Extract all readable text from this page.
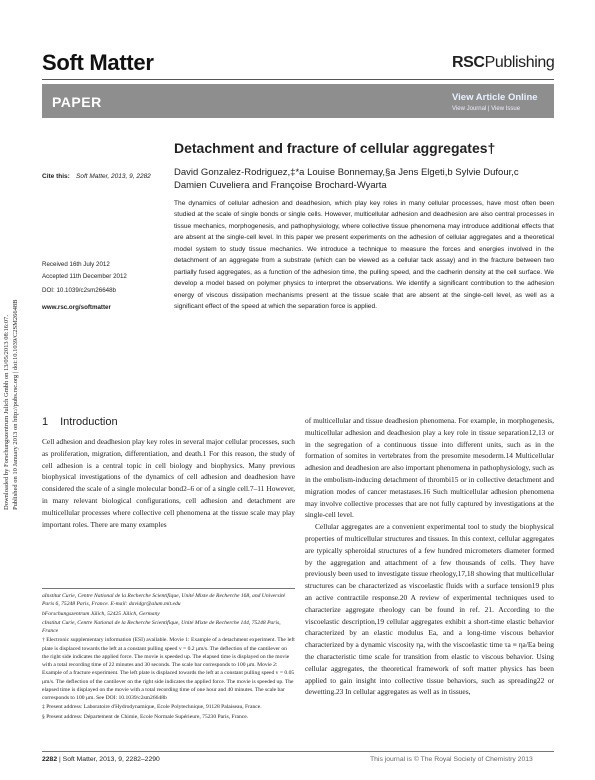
Soft Matter	RSCPublishing
PAPER	View Article Online
View Journal | View Issue
Downloaded by Forschungszentrum Julich Gmbh on 13/05/2013 08:16:07. Published on 10 January 2013 on http://pubs.rsc.org | doi:10.1039/C2SM26648B
Detachment and fracture of cellular aggregates†
Cite this: Soft Matter, 2013, 9, 2282 David Gonzalez-Rodriguez,‡*a Louise Bonnemay,§a Jens Elgeti,b Sylvie Dufour,c
Damien Cuveliera and Françoise Brochard-Wyarta
The dynamics of cellular adhesion and deadhesion, which play key roles in many cellular processes, have most often been studied at the scale of single bonds or single cells. However, multicellular adhesion and deadhesion are also central processes in tissue mechanics, morphogenesis, and pathophysiology, where collective tissue phenomena may introduce additional effects that are absent at the single-cell level. In this paper we present experiments on the adhesion of cellular aggregates and a theoretical model system to study tissue mechanics. We introduce a technique to measure the forces and energies involved in the detachment of an aggregate from a substrate (which can be viewed as a cellular tack assay) and in the fracture between two partially fused aggregates, as a function of the adhesion time, the pulling speed, and the cadherin density at the cell surface. We develop a model based on polymer physics to interpret the observations. We identify a significant contribution to the adhesion energy of viscous dissipation mechanisms present at the tissue scale that are absent at the single-cell level, as well as a significant effect of the speed at which the separation force is applied.
Received 16th July 2012
Accepted 11th December 2012
DOI: 10.1039/c2sm26648b
www.rsc.org/softmatter
1 Introduction
Cell adhesion and deadhesion play key roles in several major cellular processes, such as proliferation, migration, differentiation, and death.1 For this reason, the study of cell adhesion is a central topic in cell biology and biophysics. Many previous biophysical investigations of the dynamics of cell adhesion and deadhesion have considered the scale of a single molecular bond2–6 or of a single cell.7–11 However, in many relevant biological configurations, cell adhesion and detachment are multicellular processes where collective cell phenomena at the tissue scale may play important roles. There are many examples

of multicellular and tissue deadhesion phenomena. For example, in morphogenesis, multicellular adhesion and deadhesion play a key role in tissue separation12,13 or in the segregation of a continuous tissue into different units, such as in the formation of somites in vertebrates from the presomite mesoderm.14 Multicellular adhesion and deadhesion are also important phenomena in pathophysiology, such as in the embolism-inducing detachment of thrombi15 or in collective detachment and migration modes of cancer metastases.16 Such multicellular adhesion phenomena may involve collective processes that are not fully captured by investigations at the single-cell level.

Cellular aggregates are a convenient experimental tool to study the biophysical properties of multicellular structures and tissues. In this context, cellular aggregates are typically spheroidal structures of a few hundred micrometers diameter formed by the aggregation and attachment of a few thousands of cells. They have previously been used to investigate tissue rheology,17,18 showing that multicellular structures can be characterized as viscoelastic fluids with a surface tension19 plus an active contractile response.20 A review of experimental techniques used to characterize aggregate rheology can be found in ref. 21. According to the viscoelastic description,19 cellular aggregates exhibit a short-time elastic behavior characterized by an elastic modulus Ea, and a long-time viscous behavior characterized by a dynamic viscosity ηa, with the viscoelastic time τa ≡ ηa/Ea being the characteristic time scale for transition from elastic to viscous behavior. Using cellular aggregates, the theoretical framework of soft matter physics has been applied to gain insight into collective tissue behaviors, such as spreading22 or dewetting.23 In cellular aggregates as well as in tissues,

aInstitut Curie, Centre National de la Recherche Scientifique, Unité Mixte de Recherche 168, and Université Paris 6, 75248 Paris, France. E-mail: davidgr@alum.mit.edu

bForschungszentrum Jülich, 52425 Jülich, Germany

cInstitut Curie, Centre National de la Recherche Scientifique, Unité Mixte de Recherche 144, 75248 Paris, France

† Electronic supplementary information (ESI) available. Movie 1: Example of a detachment experiment. The left plate is displaced towards the left at a constant pulling speed v = 0.2 μm/s. The deflection of the cantilever on the right side indicates the applied force. The movie is speeded up. The elapsed time is displayed on the movie with a total recording time of 22 minutes and 30 seconds. The scale bar corresponds to 100 μm. Movie 2: Example of a fracture experiment. The left plate is displaced towards the left at a constant pulling speed v = 0.05 μm/s. The deflection of the cantilever on the right side indicates the applied force. The movie is speeded up. The elapsed time is displayed on the movie with a total recording time of one hour and 40 minutes. The scale bar corresponds to 100 μm. See DOI: 10.1039/c2sm26648b

‡ Present address: Laboratoire d'Hydrodynamique, Ecole Polytechnique, 91128 Palaiseau, France.

§ Present address: Département de Chimie, Ecole Normale Supérieure, 75230 Paris, France.

2282 | Soft Matter, 2013, 9, 2282–2290	This journal is © The Royal Society of Chemistry 2013
